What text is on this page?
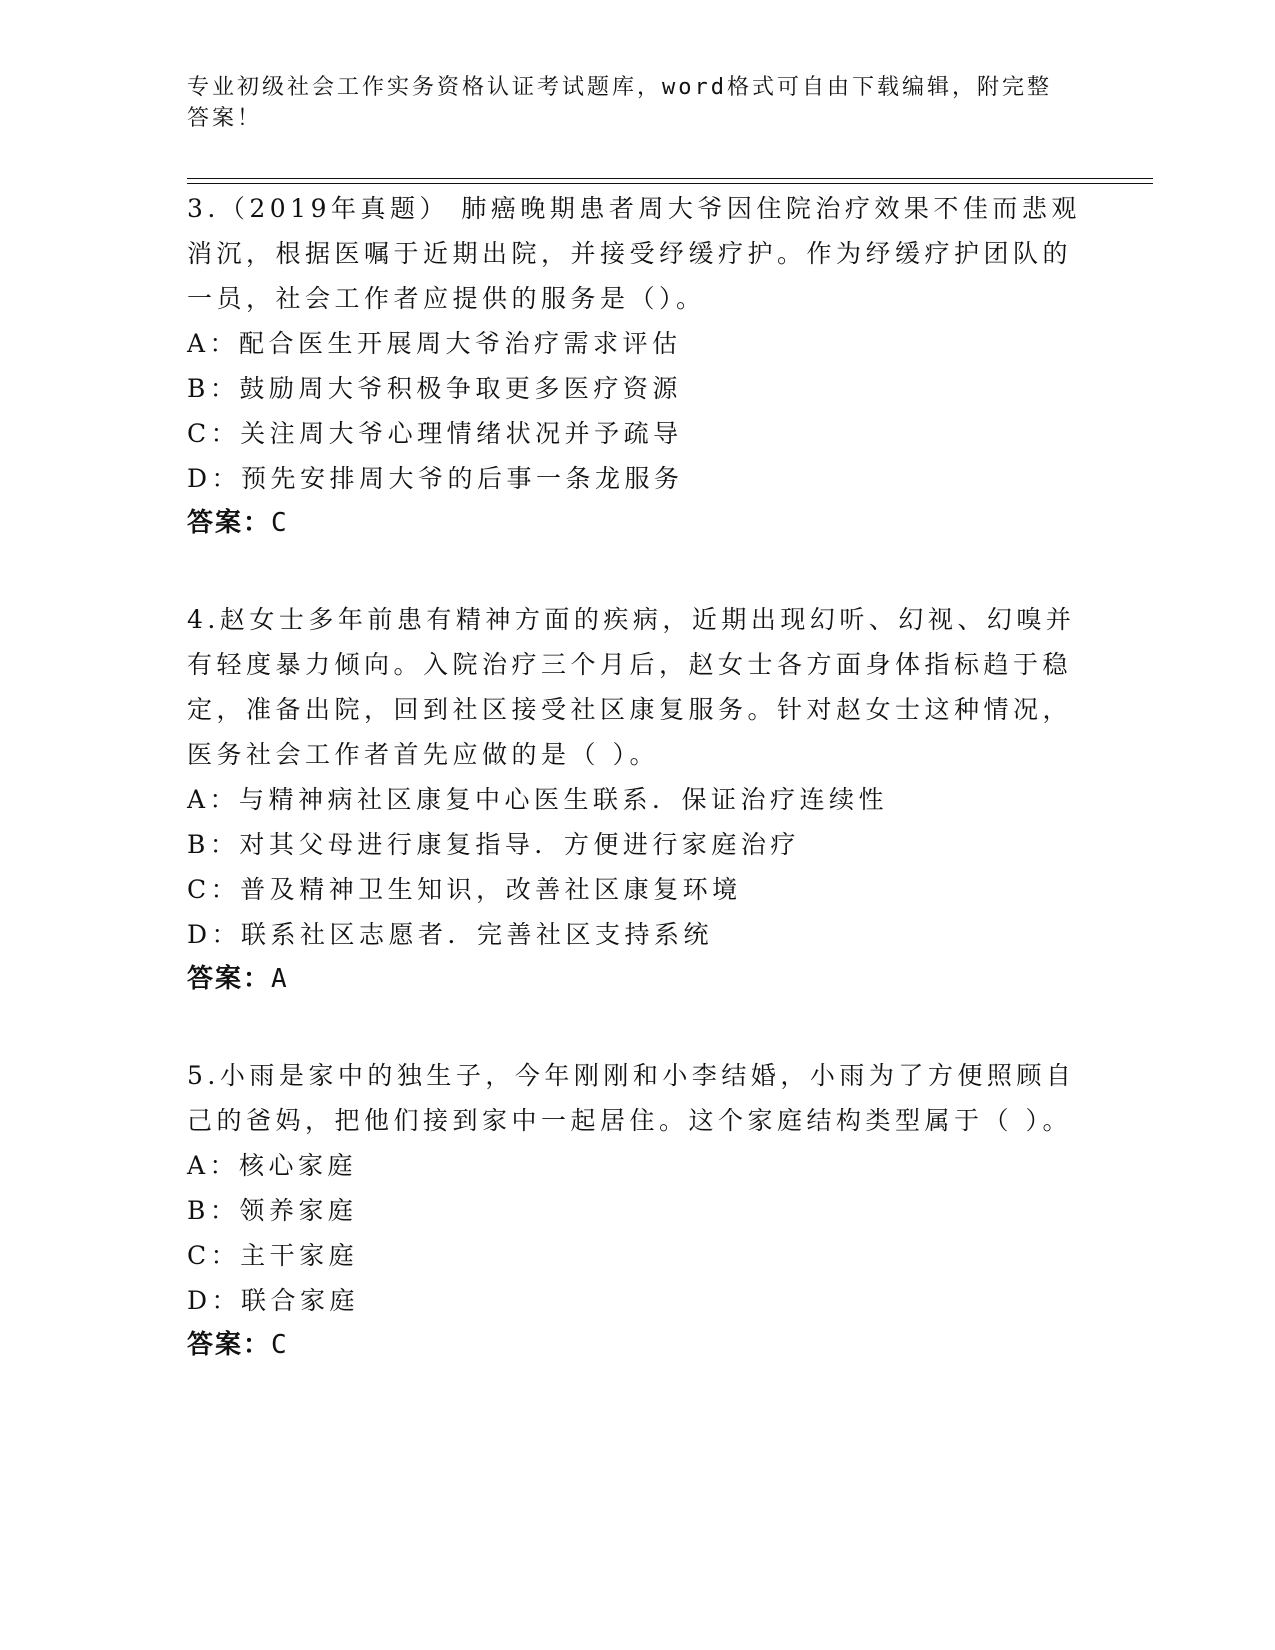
专业初级社会工作实务资格认证考试题库，word格式可自由下载编辑，附完整答案！

3.（2019年真题） 肺癌晚期患者周大爷因住院治疗效果不佳而悲观消沉，根据医嘱于近期出院，并接受纾缓疗护。作为纾缓疗护团队的一员，社会工作者应提供的服务是（）。

A：配合医生开展周大爷治疗需求评估

B：鼓励周大爷积极争取更多医疗资源

C：关注周大爷心理情绪状况并予疏导

D：预先安排周大爷的后事一条龙服务

答案：C

4.赵女士多年前患有精神方面的疾病，近期出现幻听、幻视、幻嗅并有轻度暴力倾向。入院治疗三个月后，赵女士各方面身体指标趋于稳定，准备出院，回到社区接受社区康复服务。针对赵女士这种情况，医务社会工作者首先应做的是（ ）。

A：与精神病社区康复中心医生联系．保证治疗连续性

B：对其父母进行康复指导．方便进行家庭治疗

C：普及精神卫生知识，改善社区康复环境

D：联系社区志愿者．完善社区支持系统

答案：A

5.小雨是家中的独生子，今年刚刚和小李结婚，小雨为了方便照顾自己的爸妈，把他们接到家中一起居住。这个家庭结构类型属于（ ）。

A：核心家庭

B：领养家庭

C：主干家庭

D：联合家庭

答案：C
